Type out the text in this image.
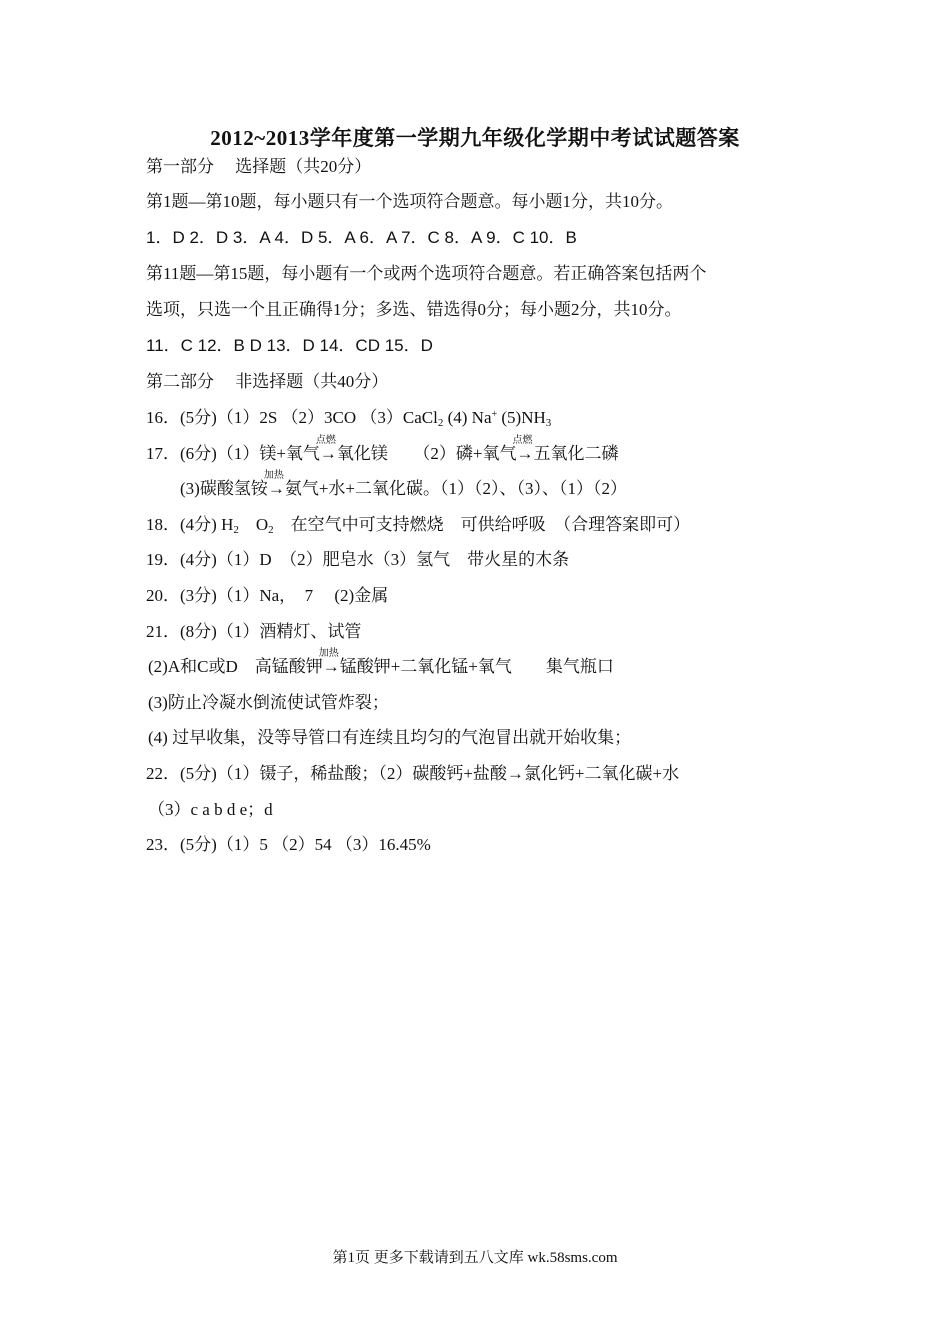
2012~2013学年度第一学期九年级化学期中考试试题答案
第一部分　 选择题（共20分）
第1题—第10题，每小题只有一个选项符合题意。每小题1分，共10分。
1．D 2．D 3．A 4．D 5．A 6．A 7．C 8．A 9．C 10．B
第11题—第15题，每小题有一个或两个选项符合题意。若正确答案包括两个
选项，只选一个且正确得1分；多选、错选得0分；每小题2分，共10分。
11．C 12．B D 13．D 14．CD 15．D
第二部分　 非选择题（共40分）
16．(5分)（1）2S （2）3CO （3）CaCl$_2$ (4) Na+ $(5)NH_3$
17．(6分)（1）镁+氧气
点燃
→氧化镁　　（2）磷+氧气
点燃
→五氧化二磷
(3)碳酸氢铵
加热
→氨气+水+二氧化碳。（1）（2）、（3）、（1）（2）
18．(4分) $H_2$　$O_2$　在空气中可支持燃烧　可供给呼吸　（合理答案即可）
19．(4分)（1）D　（2）肥皂水（3）氢气　带火星的木条
20．(3分)（1）Na，　7　 (2)金属
21．(8分)（1）酒精灯、试管
(2)A和C或D　高锰酸钾
加热
→锰酸钾+二氧化锰+氧气　　集气瓶口
(3)防止冷凝水倒流使试管炸裂；
(4) 过早收集，没等导管口有连续且均匀的气泡冒出就开始收集；
22．(5分)（1）镊子，稀盐酸；（2）碳酸钙+盐酸→氯化钙+二氧化碳+水
（3）c a b d e；d
23．(5分)（1）5 （2）54 （3）16.45%
第1页 更多下载请到五八文库 wk.58sms.com
